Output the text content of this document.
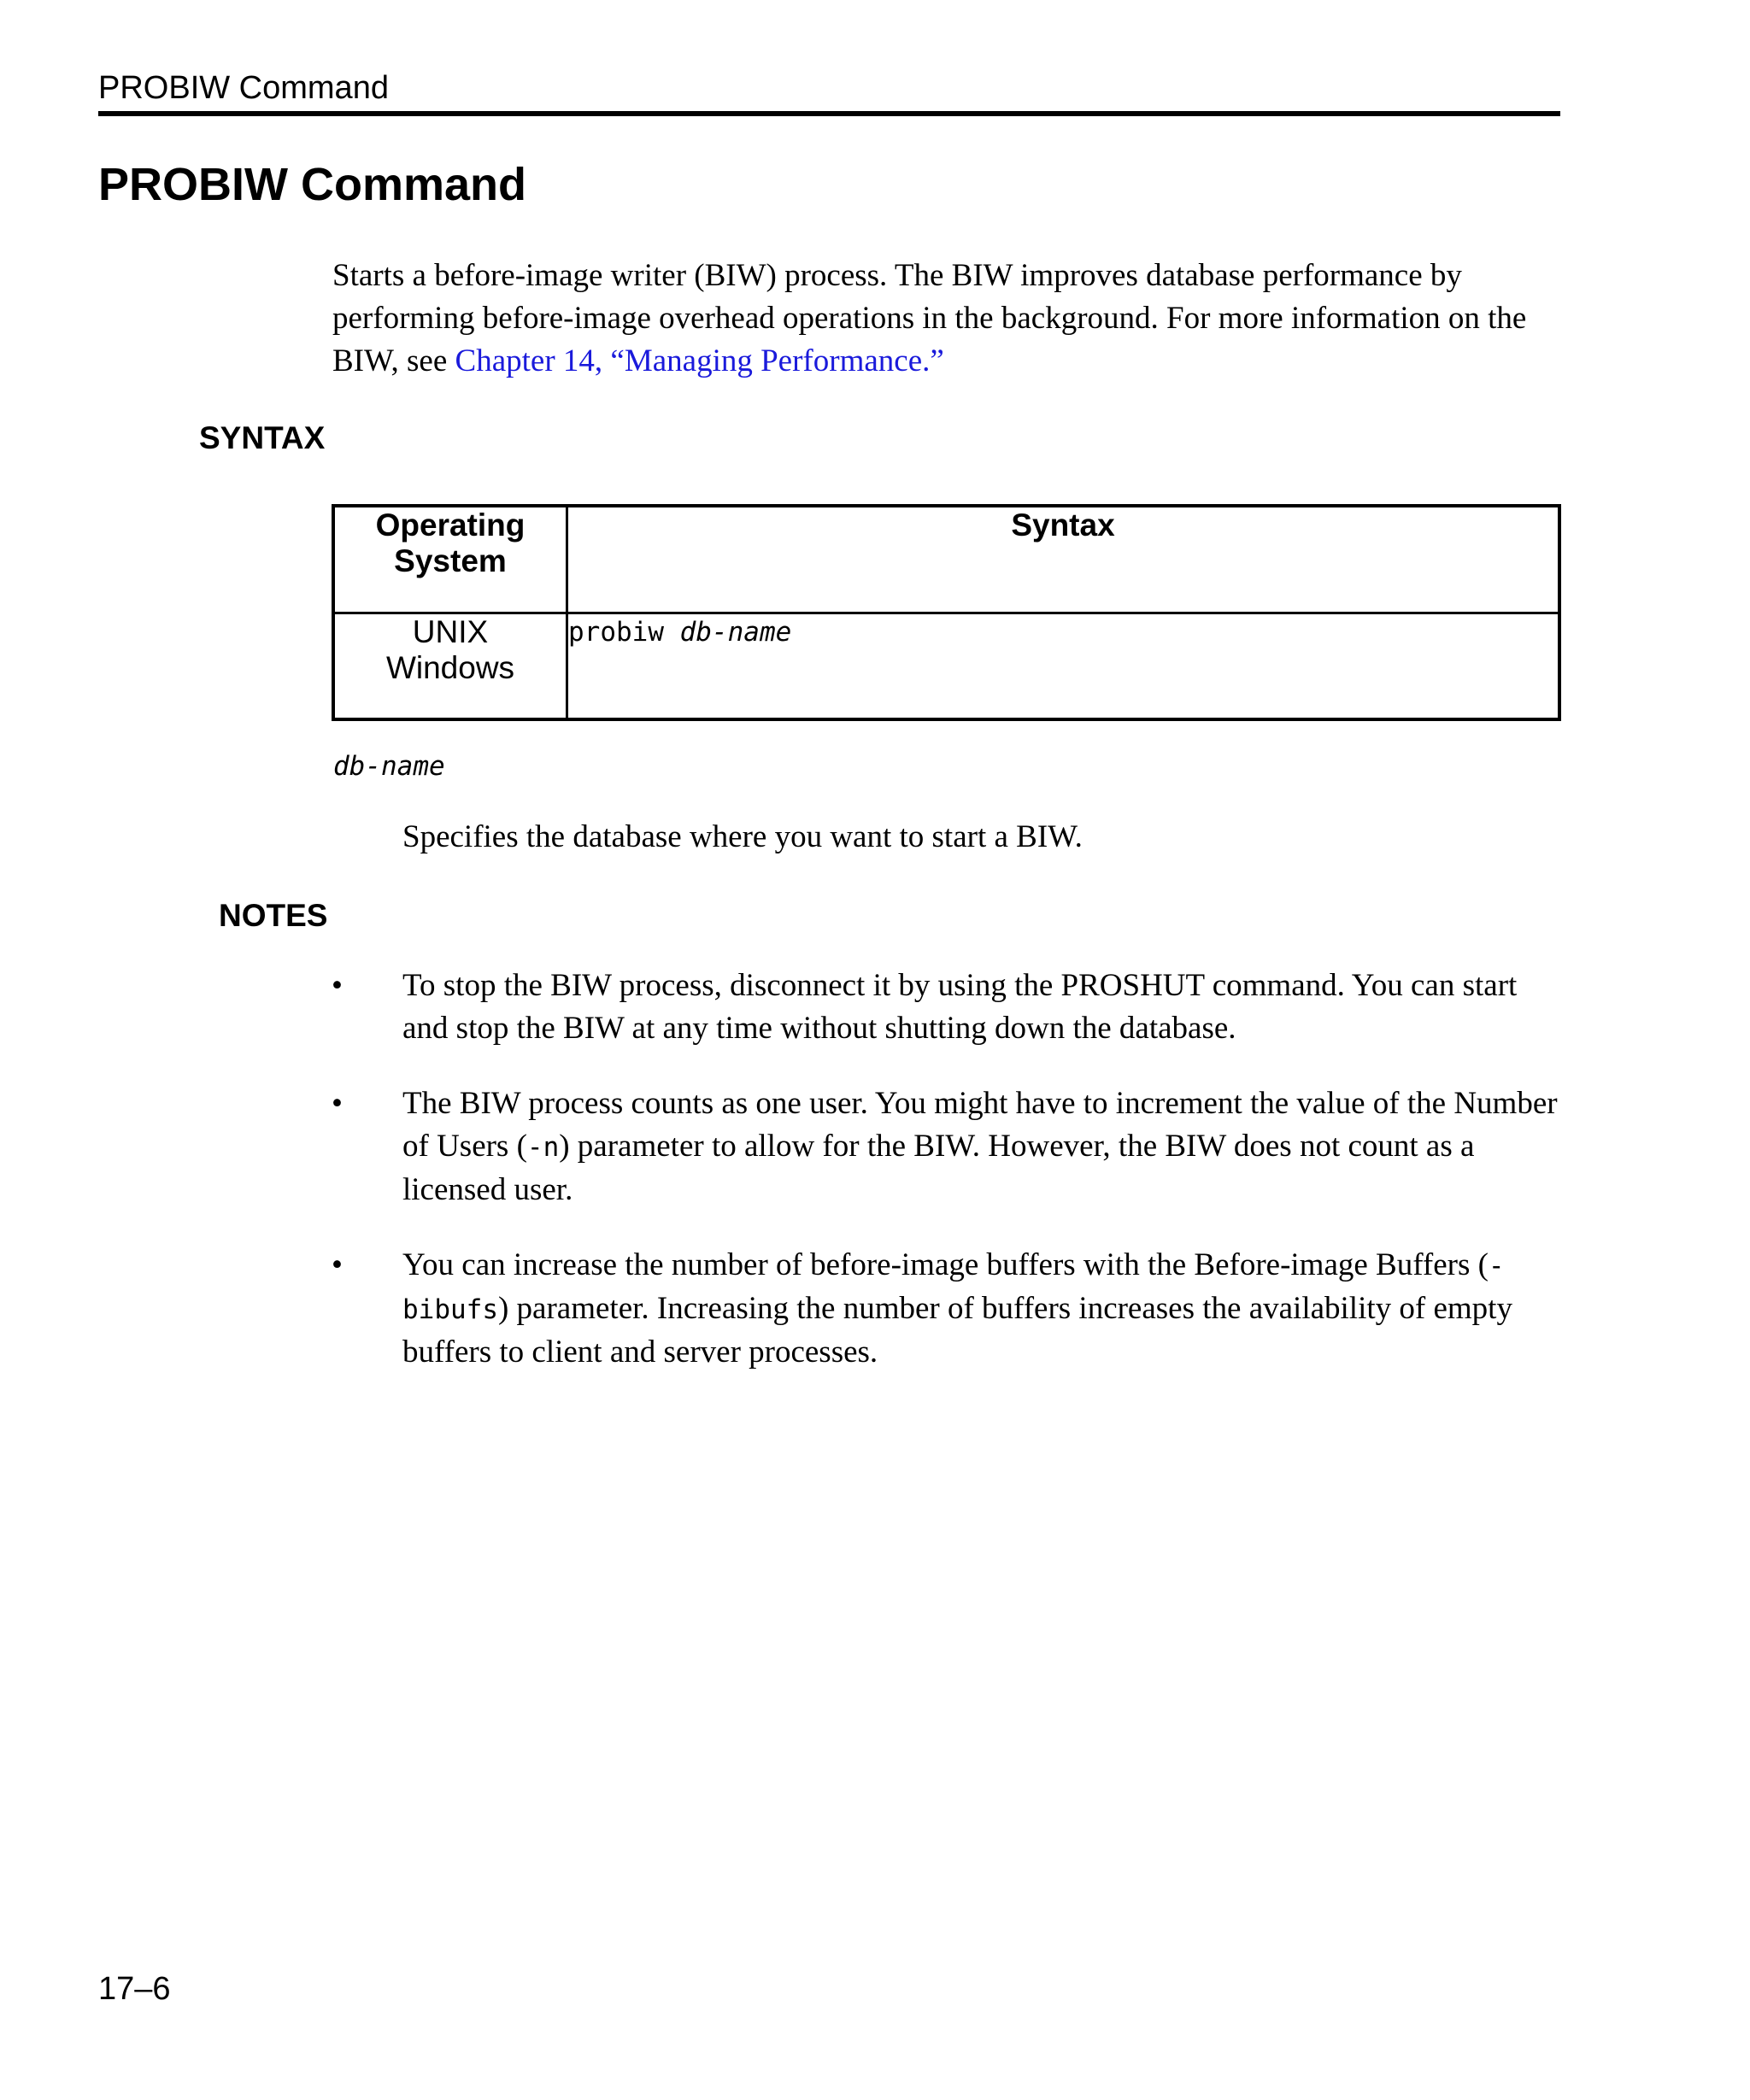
PROBIW Command
PROBIW Command

Starts a before-image writer (BIW) process. The BIW improves database performance by performing before-image overhead operations in the background. For more information on the BIW, see Chapter 14, “Managing Performance.”

SYNTAX
Operating
System	Syntax
UNIX
Windows	probiw db-name
db-name

Specifies the database where you want to start a BIW.

NOTES
• To stop the BIW process, disconnect it by using the PROSHUT command. You can start and stop the BIW at any time without shutting down the database.
• The BIW process counts as one user. You might have to increment the value of the Number of Users (-n) parameter to allow for the BIW. However, the BIW does not count as a licensed user.
• You can increase the number of before-image buffers with the Before-image Buffers (-bibufs) parameter. Increasing the number of buffers increases the availability of empty buffers to client and server processes.
17–6
